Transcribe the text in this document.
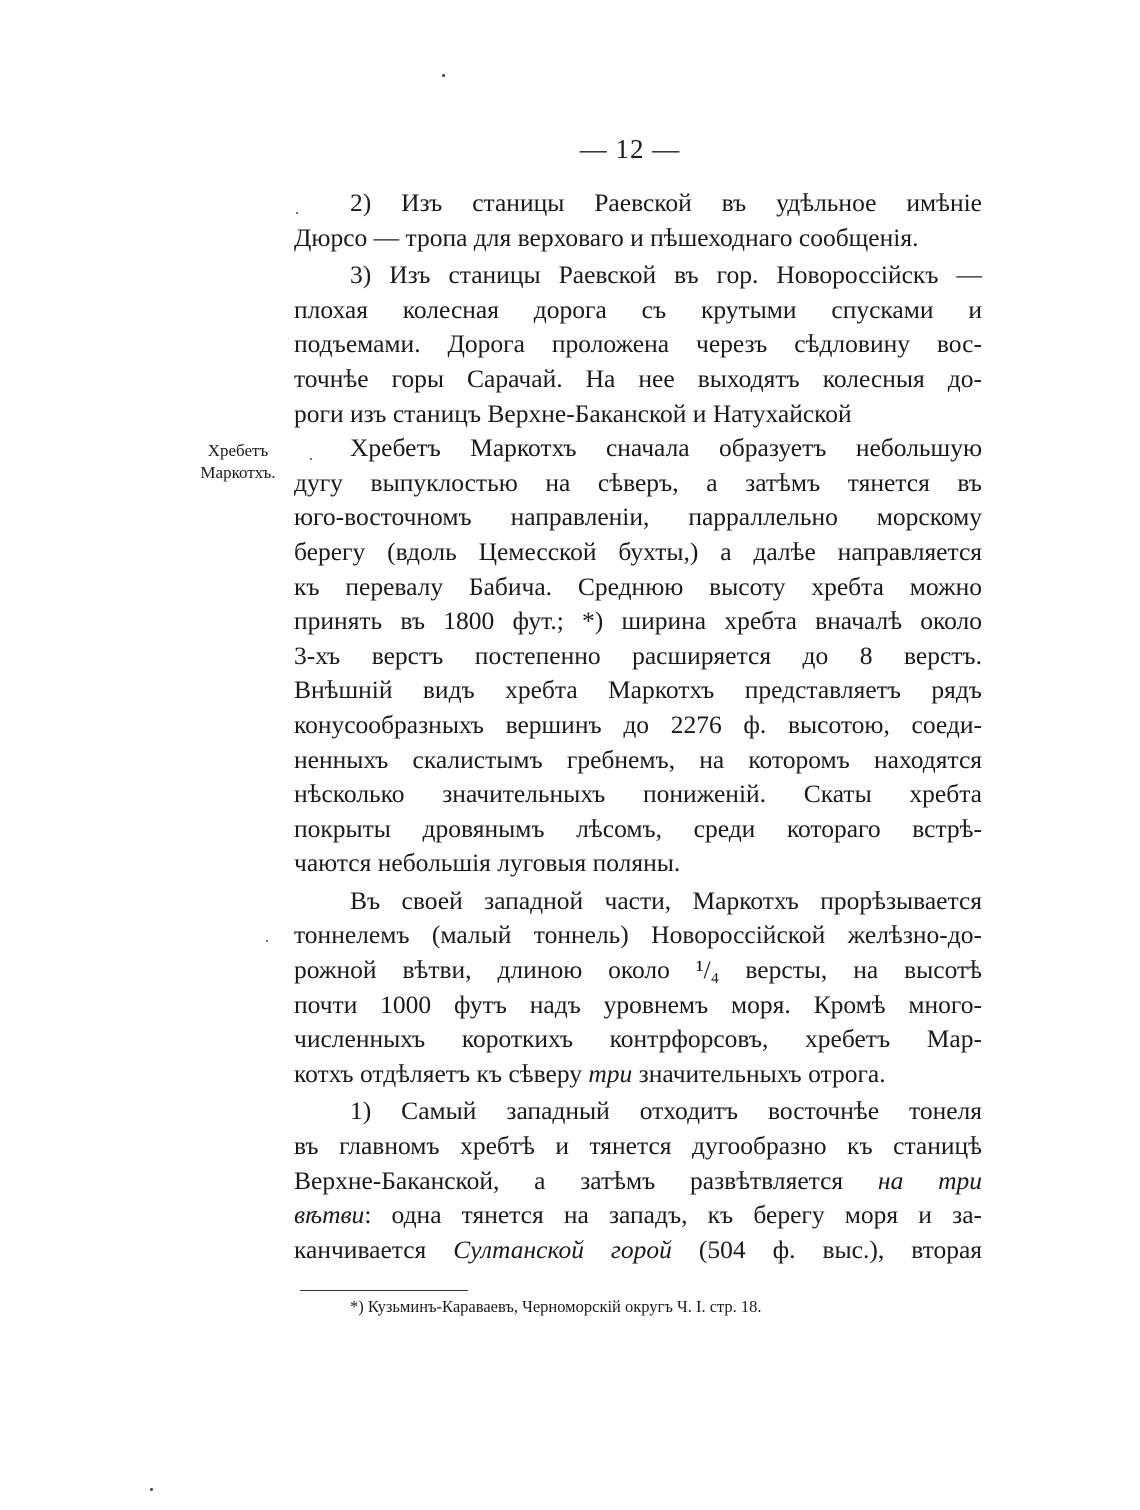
— 12 —
Хребетъ
Маркотхъ.
2) Изъ станицы Раевской въ удѣльное имѣніе
Дюрсо — тропа для верховаго и пѣшеходнаго сообщенія.
3) Изъ станицы Раевской въ гор. Новороссійскъ —
плохая колесная дорога съ крутыми спусками и
подъемами. Дорога проложена черезъ сѣдловину вос-
точнѣе горы Сарачай. На нее выходятъ колесныя до-
роги изъ станицъ Верхне-Баканской и Натухайской
Хребетъ Маркотхъ сначала образуетъ небольшую
дугу выпуклостью на сѣверъ, а затѣмъ тянется въ
юго-восточномъ направленіи, парраллельно морскому
берегу (вдоль Цемесской бухты,) а далѣе направляется
къ перевалу Бабича. Среднюю высоту хребта можно
принять въ 1800 фут.; *) ширина хребта вначалѣ около
3-хъ верстъ постепенно расширяется до 8 верстъ.
Внѣшній видъ хребта Маркотхъ представляетъ рядъ
конусообразныхъ вершинъ до 2276 ф. высотою, соеди-
ненныхъ скалистымъ гребнемъ, на которомъ находятся
нѣсколько значительныхъ пониженій. Скаты хребта
покрыты дровянымъ лѣсомъ, среди котораго встрѣ-
чаются небольшія луговыя поляны.
Въ своей западной части, Маркотхъ прорѣзывается
тоннелемъ (малый тоннель) Новороссійской желѣзно-до-
рожной вѣтви, длиною около ¹/₄ версты, на высотѣ
почти 1000 футъ надъ уровнемъ моря. Кромѣ много-
численныхъ короткихъ контрфорсовъ, хребетъ Мар-
котхъ отдѣляетъ къ сѣверу три значительныхъ отрога.
1) Самый западный отходитъ восточнѣе тонеля
въ главномъ хребтѣ и тянется дугообразно къ станицѣ
Верхне-Баканской, а затѣмъ развѣтвляется на три
вѣтви: одна тянется на западъ, къ берегу моря и за-
канчивается Султанской горой (504 ф. выс.), вторая
*) Кузьминъ-Караваевъ, Черноморскій округъ Ч. I. стр. 18.
